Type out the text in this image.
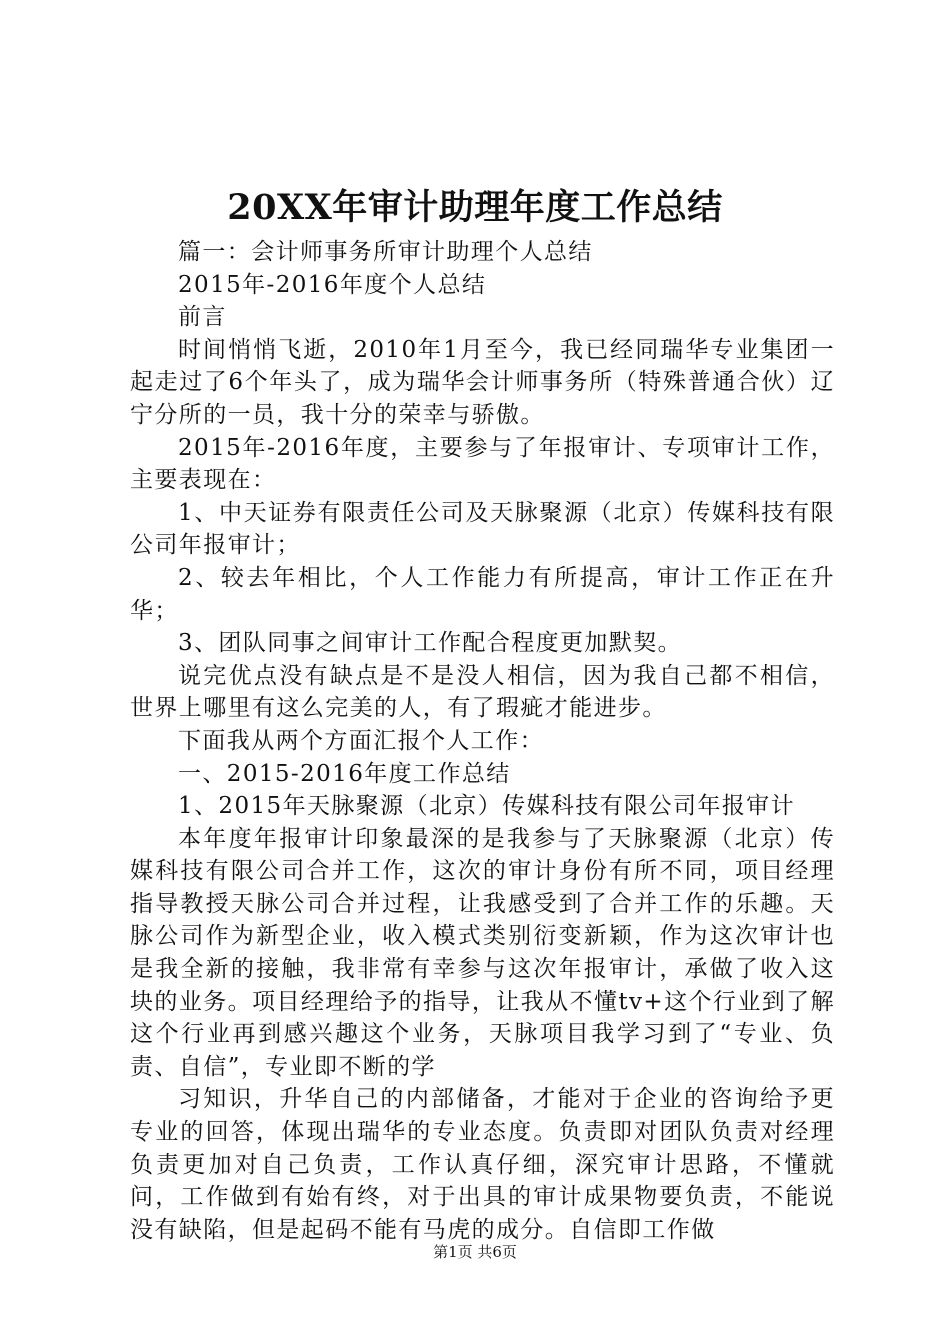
20XX年审计助理年度工作总结

篇一：会计师事务所审计助理个人总结

2015年-2016年度个人总结

前言

时间悄悄飞逝，2010年1月至今，我已经同瑞华专业集团一起走过了6个年头了，成为瑞华会计师事务所（特殊普通合伙）辽宁分所的一员，我十分的荣幸与骄傲。

2015年-2016年度，主要参与了年报审计、专项审计工作，主要表现在：

1、中天证券有限责任公司及天脉聚源（北京）传媒科技有限公司年报审计；

2、较去年相比，个人工作能力有所提高，审计工作正在升华；

3、团队同事之间审计工作配合程度更加默契。

说完优点没有缺点是不是没人相信，因为我自己都不相信，世界上哪里有这么完美的人，有了瑕疵才能进步。

下面我从两个方面汇报个人工作：

一、2015-2016年度工作总结

1、2015年天脉聚源（北京）传媒科技有限公司年报审计

本年度年报审计印象最深的是我参与了天脉聚源（北京）传媒科技有限公司合并工作，这次的审计身份有所不同，项目经理指导教授天脉公司合并过程，让我感受到了合并工作的乐趣。天脉公司作为新型企业，收入模式类别衍变新颖，作为这次审计也是我全新的接触，我非常有幸参与这次年报审计，承做了收入这块的业务。项目经理给予的指导，让我从不懂tv+这个行业到了解这个行业再到感兴趣这个业务，天脉项目我学习到了“专业、负责、自信”，专业即不断的学

习知识，升华自己的内部储备，才能对于企业的咨询给予更专业的回答，体现出瑞华的专业态度。负责即对团队负责对经理负责更加对自己负责，工作认真仔细，深究审计思路，不懂就问，工作做到有始有终，对于出具的审计成果物要负责，不能说没有缺陷，但是起码不能有马虎的成分。自信即工作做

第1页 共6页
